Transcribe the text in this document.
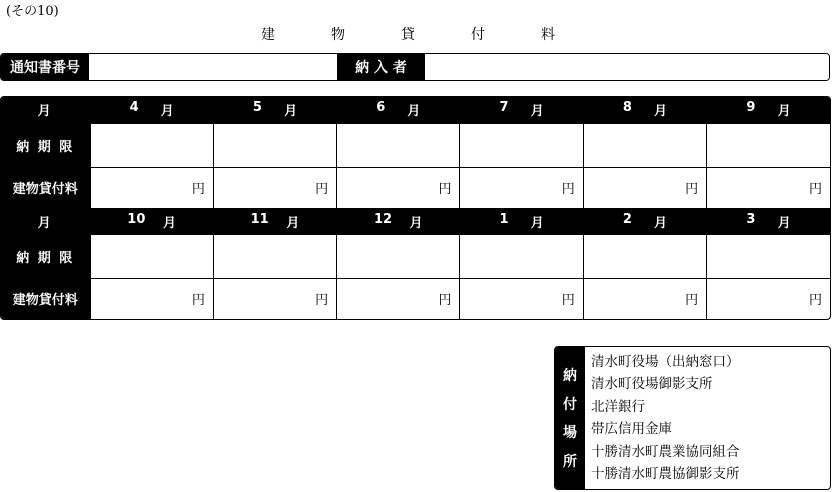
(その10)
建物貸付料
通知書番号	納 入 者
月	4 月	5 月	6 月	7 月	8 月	9 月

納 期 限						
建物貸付料	円	円	円	円	円	円
月	10 月	11 月	12 月	1 月	2 月	3 月

納 期 限						
建物貸付料	円	円	円	円	円	円
納
付
場
所
清水町役場（出納窓口）
清水町役場御影支所
北洋銀行
帯広信用金庫
十勝清水町農業協同組合
十勝清水町農協御影支所
